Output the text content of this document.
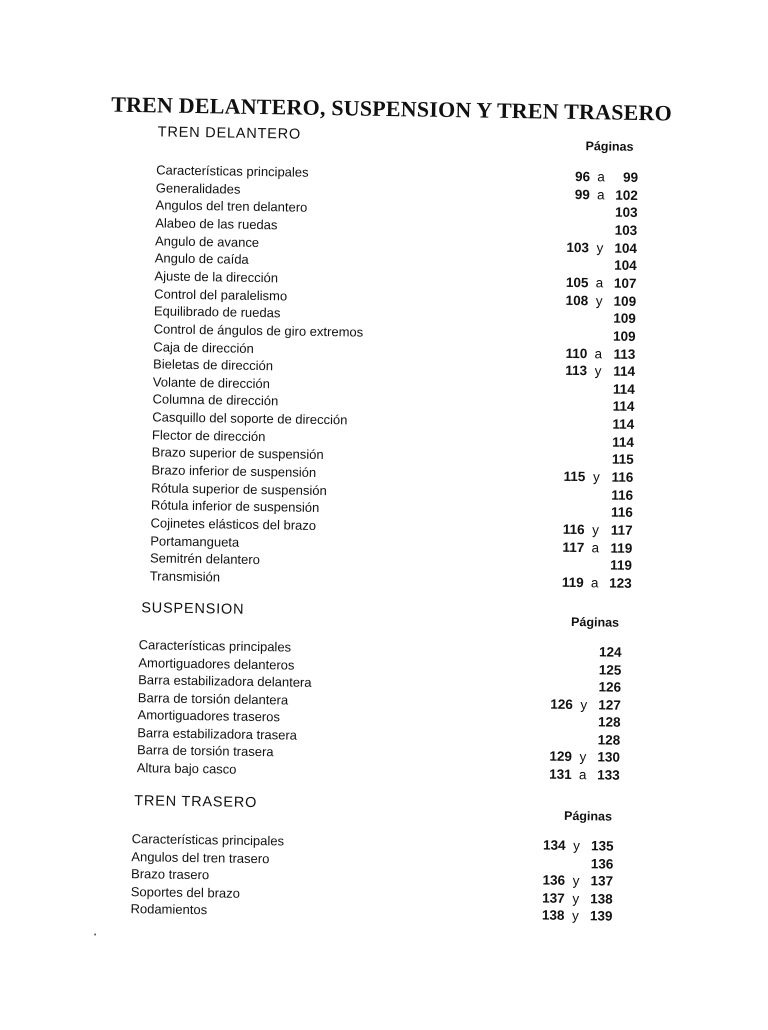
TREN DELANTERO, SUSPENSION Y TREN TRASERO
TREN DELANTERO
Páginas
Características principales	96 a 99
Generalidades	99 a 102
Angulos del tren delantero	103
Alabeo de las ruedas	103
Angulo de avance	103 y 104
Angulo de caída	104
Ajuste de la dirección	105 a 107
Control del paralelismo	108 y 109
Equilibrado de ruedas	109
Control de ángulos de giro extremos	109
Caja de dirección	110 a 113
Bieletas de dirección	113 y 114
Volante de dirección	114
Columna de dirección	114
Casquillo del soporte de dirección	114
Flector de dirección	114
Brazo superior de suspensión	115
Brazo inferior de suspensión	115 y 116
Rótula superior de suspensión	116
Rótula inferior de suspensión	116
Cojinetes elásticos del brazo	116 y 117
Portamangueta	117 a 119
Semitrén delantero	119
Transmisión	119 a 123
SUSPENSION
Páginas
Características principales	124
Amortiguadores delanteros	125
Barra estabilizadora delantera	126
Barra de torsión delantera	126 y 127
Amortiguadores traseros	128
Barra estabilizadora trasera	128
Barra de torsión trasera	129 y 130
Altura bajo casco	131 a 133
TREN TRASERO
Páginas
Características principales	134 y 135
Angulos del tren trasero	136
Brazo trasero	136 y 137
Soportes del brazo	137 y 138
Rodamientos	138 y 139
